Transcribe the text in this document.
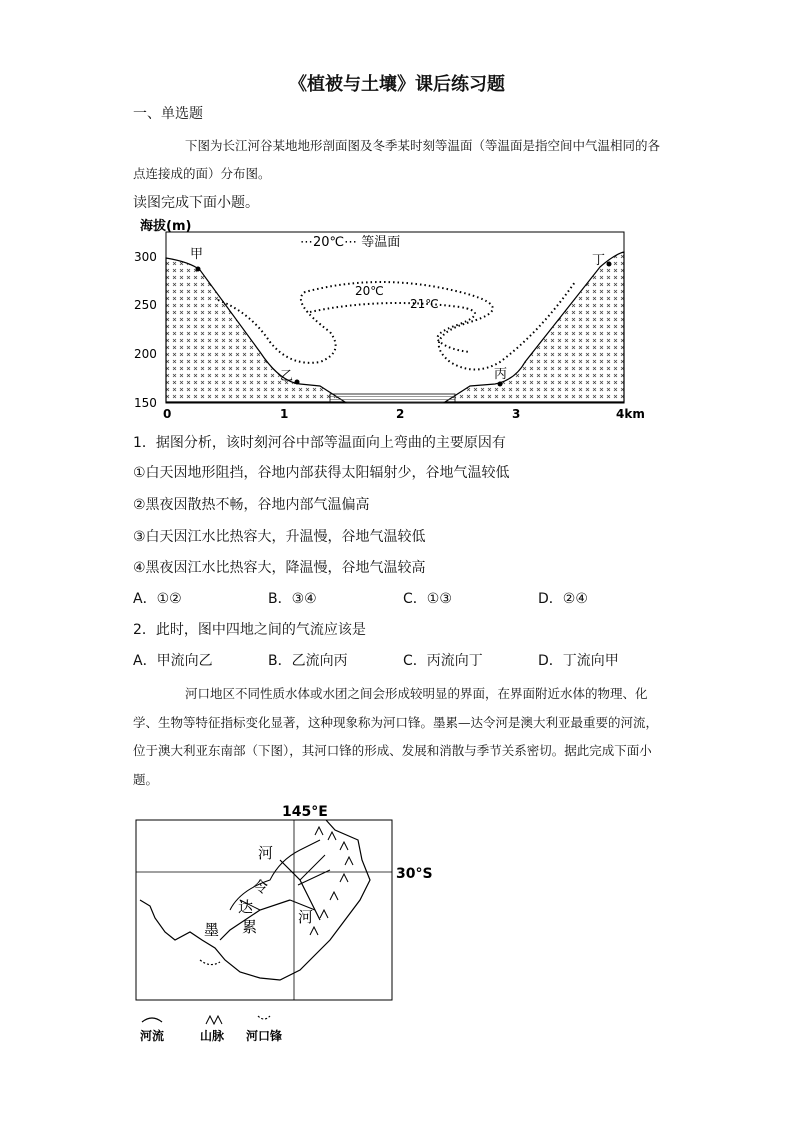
《植被与土壤》课后练习题
一、单选题
下图为长江河谷某地地形剖面图及冬季某时刻等温面（等温面是指空间中气温相同的各点连接成的面）分布图。
读图完成下面小题。
海拔(m)
300
250
200
150
0	1	2	3	4km
20℃
21℃
⋯20℃⋯ 等温面
甲
乙	丙
丁
1．据图分析，该时刻河谷中部等温面向上弯曲的主要原因有
①白天因地形阻挡，谷地内部获得太阳辐射少，谷地气温较低
②黑夜因散热不畅，谷地内部气温偏高
③白天因江水比热容大，升温慢，谷地气温较低
④黑夜因江水比热容大，降温慢，谷地气温较高
A．①②	B．③④	C．①③	D．②④
2．此时，图中四地之间的气流应该是
A．甲流向乙	B．乙流向丙	C．丙流向丁	D．丁流向甲
河口地区不同性质水体或水团之间会形成较明显的界面，在界面附近水体的物理、化学、生物等特征指标变化显著，这种现象称为河口锋。墨累—达令河是澳大利亚最重要的河流，位于澳大利亚东南部（下图），其河口锋的形成、发展和消散与季节关系密切。据此完成下面小题。
145°E
30°S
河
令
达
河
墨 累
河流	山脉 河口锋
